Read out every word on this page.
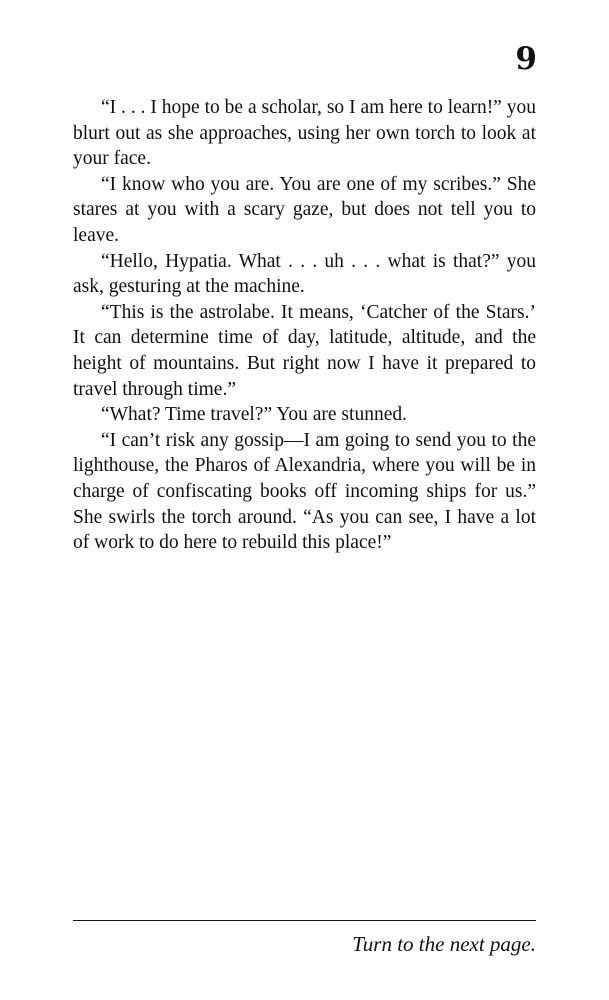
9

“I . . . I hope to be a scholar, so I am here to learn!” you blurt out as she approaches, using her own torch to look at your face.

“I know who you are. You are one of my scribes.” She stares at you with a scary gaze, but does not tell you to leave.

“Hello, Hypatia. What . . . uh . . . what is that?” you ask, gesturing at the machine.

“This is the astrolabe. It means, ‘Catcher of the Stars.’ It can determine time of day, latitude, altitude, and the height of mountains. But right now I have it prepared to travel through time.”

“What? Time travel?” You are stunned.

“I can’t risk any gossip—I am going to send you to the lighthouse, the Pharos of Alexandria, where you will be in charge of confiscating books off incoming ships for us.” She swirls the torch around. “As you can see, I have a lot of work to do here to rebuild this place!”

Turn to the next page.
